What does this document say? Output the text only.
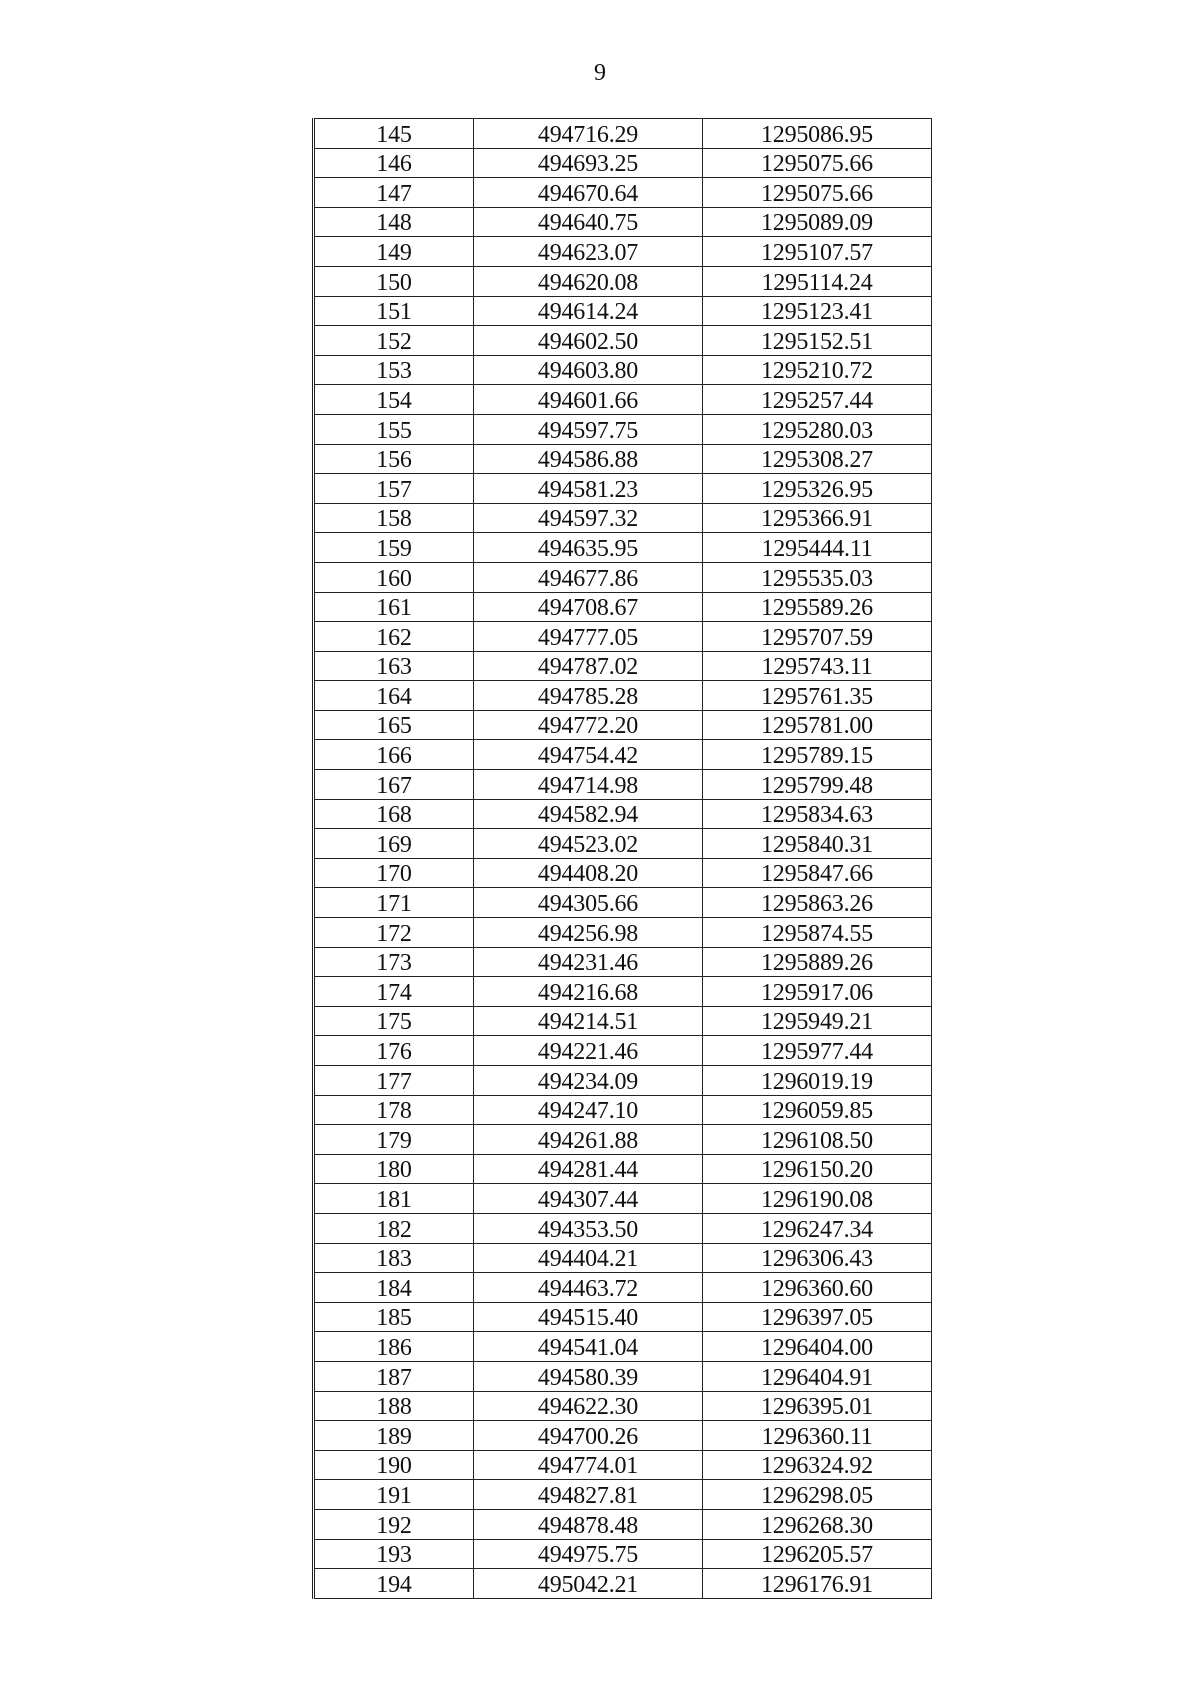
9
145	494716.29	1295086.95
146	494693.25	1295075.66
147	494670.64	1295075.66
148	494640.75	1295089.09
149	494623.07	1295107.57
150	494620.08	1295114.24
151	494614.24	1295123.41
152	494602.50	1295152.51
153	494603.80	1295210.72
154	494601.66	1295257.44
155	494597.75	1295280.03
156	494586.88	1295308.27
157	494581.23	1295326.95
158	494597.32	1295366.91
159	494635.95	1295444.11
160	494677.86	1295535.03
161	494708.67	1295589.26
162	494777.05	1295707.59
163	494787.02	1295743.11
164	494785.28	1295761.35
165	494772.20	1295781.00
166	494754.42	1295789.15
167	494714.98	1295799.48
168	494582.94	1295834.63
169	494523.02	1295840.31
170	494408.20	1295847.66
171	494305.66	1295863.26
172	494256.98	1295874.55
173	494231.46	1295889.26
174	494216.68	1295917.06
175	494214.51	1295949.21
176	494221.46	1295977.44
177	494234.09	1296019.19
178	494247.10	1296059.85
179	494261.88	1296108.50
180	494281.44	1296150.20
181	494307.44	1296190.08
182	494353.50	1296247.34
183	494404.21	1296306.43
184	494463.72	1296360.60
185	494515.40	1296397.05
186	494541.04	1296404.00
187	494580.39	1296404.91
188	494622.30	1296395.01
189	494700.26	1296360.11
190	494774.01	1296324.92
191	494827.81	1296298.05
192	494878.48	1296268.30
193	494975.75	1296205.57
194	495042.21	1296176.91
